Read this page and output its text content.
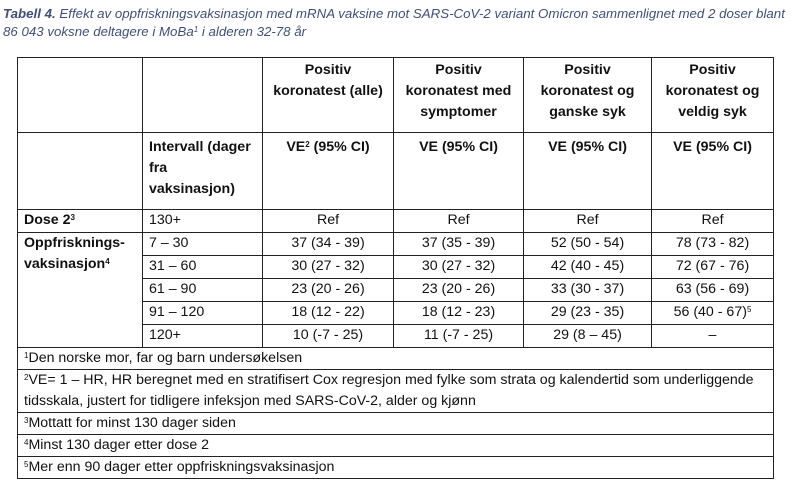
Tabell 4. Effekt av oppfriskningsvaksinasjon med mRNA vaksine mot SARS-CoV-2 variant Omicron sammenlignet med 2 doser blant 86 043 voksne deltagere i MoBa$^1$ i alderen 32-78 år
		Positiv koronatest (alle)	Positiv koronatest med symptomer	Positiv koronatest og ganske syk	Positiv koronatest og veldig syk
	Intervall (dager fra vaksinasjon)	$VE^2$ (95% CI)	VE (95% CI)	VE (95% CI)	VE (95% CI)
Dose $2^3$	130+	Ref	Ref	Ref	Ref
Oppfrisknings-vaksinasjon$^4$	7 – 30	37 (34 - 39)	37 (35 - 39)	52 (50 - 54)	78 (73 - 82)
	31 – 60	30 (27 - 32)	30 (27 - 32)	42 (40 - 45)	72 (67 - 76)
	61 – 90	23 (20 - 26)	23 (20 - 26)	33 (30 - 37)	63 (56 - 69)
	91 – 120	18 (12 - 22)	18 (12 - 23)	29 (23 - 35)	56 (40 - 67)$^5$
	120+	10 (-7 - 25)	11 (-7 - 25)	29 (8 – 45)	–
$^1$Den norske mor, far og barn undersøkelsen					
$^2$VE= 1 – HR, HR beregnet med en stratifisert Cox regresjon med fylke som strata og kalendertid som underliggende tidsskala, justert for tidligere infeksjon med SARS-CoV-2, alder og kjønn					
$^3$Mottatt for minst 130 dager siden					
$^4$Minst 130 dager etter dose 2					
$^5$Mer enn 90 dager etter oppfriskningsvaksinasjon					
